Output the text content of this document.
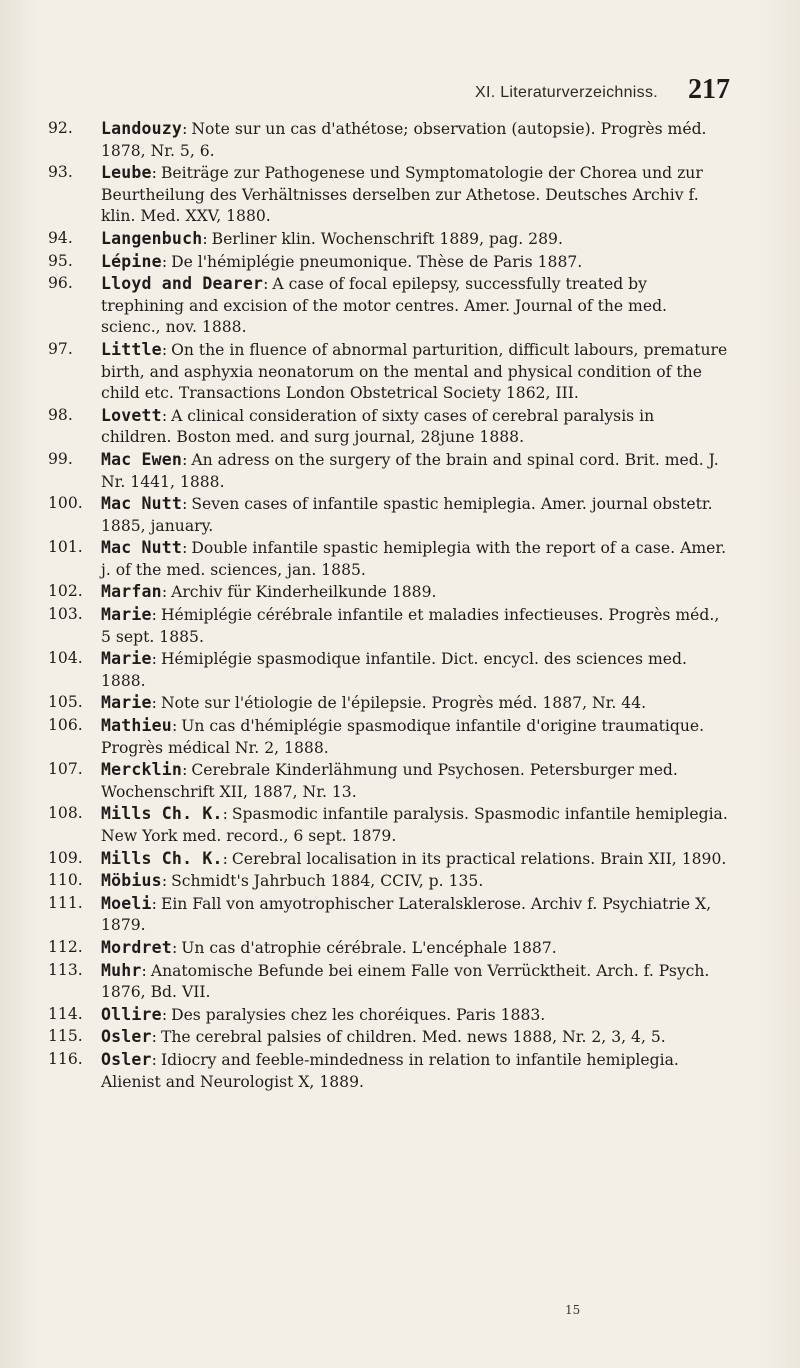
XI. Literaturverzeichniss. 217
92.	Landouzy: Note sur un cas d'athétose; observation (autopsie). Progrès méd. 1878, Nr. 5, 6.
93.	Leube: Beiträge zur Pathogenese und Symptomatologie der Chorea und zur Beurtheilung des Verhältnisses derselben zur Athetose. Deutsches Archiv f. klin. Med. XXV, 1880.
94.	Langenbuch: Berliner klin. Wochenschrift 1889, pag. 289.
95.	Lépine: De l'hémiplégie pneumonique. Thèse de Paris 1887.
96.	Lloyd and Dearer: A case of focal epilepsy, successfully treated by trephining and excision of the motor centres. Amer. Journal of the med. scienc., nov. 1888.
97.	Little: On the in fluence of abnormal parturition, difficult labours, premature birth, and asphyxia neonatorum on the mental and physical condition of the child etc. Transactions London Obstetrical Society 1862, III.
98.	Lovett: A clinical consideration of sixty cases of cerebral paralysis in children. Boston med. and surg journal, 28june 1888.
99.	Mac Ewen: An adress on the surgery of the brain and spinal cord. Brit. med. J. Nr. 1441, 1888.
100.	Mac Nutt: Seven cases of infantile spastic hemiplegia. Amer. journal obstetr. 1885, january.
101.	Mac Nutt: Double infantile spastic hemiplegia with the report of a case. Amer. j. of the med. sciences, jan. 1885.
102.	Marfan: Archiv für Kinderheilkunde 1889.
103.	Marie: Hémiplégie cérébrale infantile et maladies infectieuses. Progrès méd., 5 sept. 1885.
104.	Marie: Hémiplégie spasmodique infantile. Dict. encycl. des sciences med. 1888.
105.	Marie: Note sur l'étiologie de l'épilepsie. Progrès méd. 1887, Nr. 44.
106.	Mathieu: Un cas d'hémiplégie spasmodique infantile d'origine traumatique. Progrès médical Nr. 2, 1888.
107.	Mercklin: Cerebrale Kinderlähmung und Psychosen. Petersburger med. Wochenschrift XII, 1887, Nr. 13.
108.	Mills Ch. K.: Spasmodic infantile paralysis. Spasmodic infantile hemiplegia. New York med. record., 6 sept. 1879.
109.	Mills Ch. K.: Cerebral localisation in its practical relations. Brain XII, 1890.
110.	Möbius: Schmidt's Jahrbuch 1884, CCIV, p. 135.
111.	Moeli: Ein Fall von amyotrophischer Lateralsklerose. Archiv f. Psychiatrie X, 1879.
112.	Mordret: Un cas d'atrophie cérébrale. L'encéphale 1887.
113.	Muhr: Anatomische Befunde bei einem Falle von Verrücktheit. Arch. f. Psych. 1876, Bd. VII.
114.	Ollire: Des paralysies chez les choréiques. Paris 1883.
115.	Osler: The cerebral palsies of children. Med. news 1888, Nr. 2, 3, 4, 5.
116.	Osler: Idiocry and feeble-mindedness in relation to infantile hemiplegia. Alienist and Neurologist X, 1889.
15
